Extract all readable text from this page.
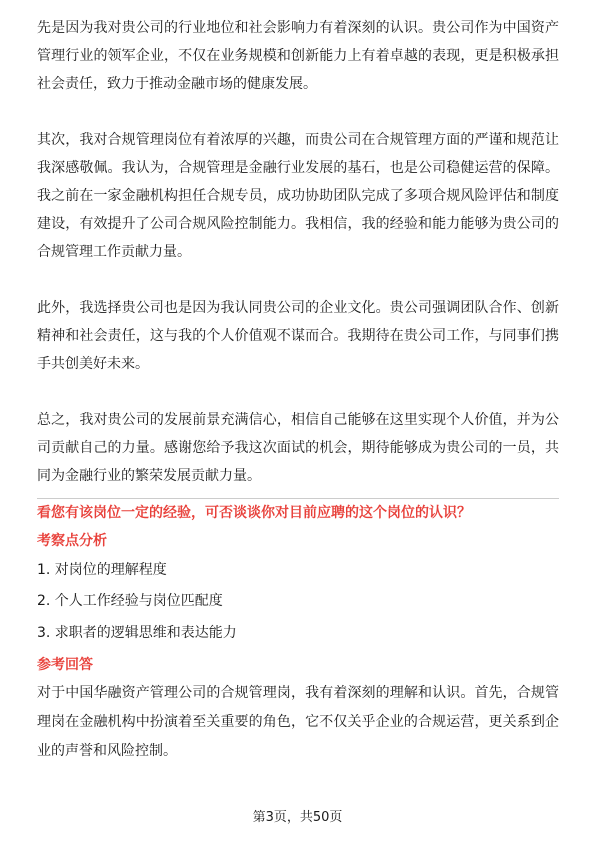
先是因为我对贵公司的行业地位和社会影响力有着深刻的认识。贵公司作为中国资产管理行业的领军企业，不仅在业务规模和创新能力上有着卓越的表现，更是积极承担社会责任，致力于推动金融市场的健康发展。

其次，我对合规管理岗位有着浓厚的兴趣，而贵公司在合规管理方面的严谨和规范让我深感敬佩。我认为，合规管理是金融行业发展的基石，也是公司稳健运营的保障。我之前在一家金融机构担任合规专员，成功协助团队完成了多项合规风险评估和制度建设，有效提升了公司合规风险控制能力。我相信，我的经验和能力能够为贵公司的合规管理工作贡献力量。

此外，我选择贵公司也是因为我认同贵公司的企业文化。贵公司强调团队合作、创新精神和社会责任，这与我的个人价值观不谋而合。我期待在贵公司工作，与同事们携手共创美好未来。

总之，我对贵公司的发展前景充满信心，相信自己能够在这里实现个人价值，并为公司贡献自己的力量。感谢您给予我这次面试的机会，期待能够成为贵公司的一员，共同为金融行业的繁荣发展贡献力量。

看您有该岗位一定的经验，可否谈谈你对目前应聘的这个岗位的认识？

考察点分析

1. 对岗位的理解程度

2. 个人工作经验与岗位匹配度

3. 求职者的逻辑思维和表达能力

参考回答

对于中国华融资产管理公司的合规管理岗，我有着深刻的理解和认识。首先，合规管理岗在金融机构中扮演着至关重要的角色，它不仅关乎企业的合规运营，更关系到企业的声誉和风险控制。

第3页，共50页
